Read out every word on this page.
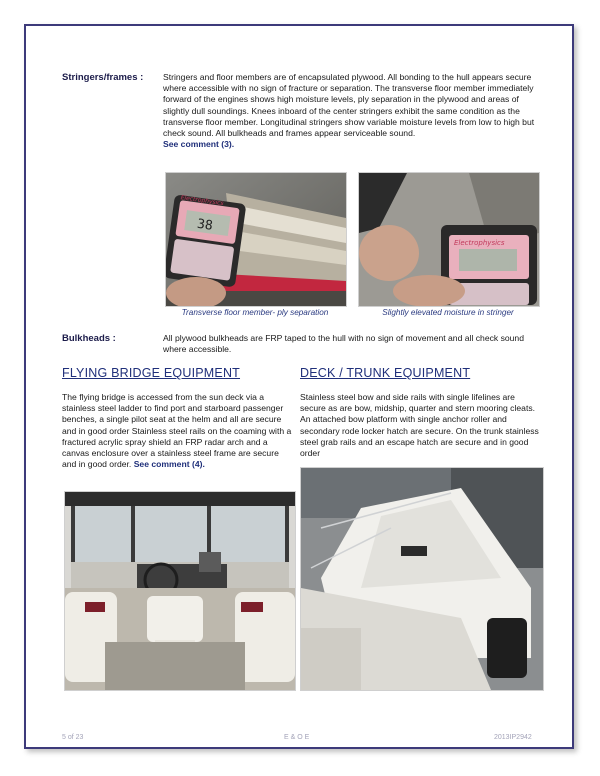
Stringers/frames : Stringers and floor members are of encapsulated plywood. All bonding to the hull appears secure where accessible with no sign of fracture or separation. The transverse floor member immediately forward of the engines shows high moisture levels, ply separation in the plywood and areas of slightly dull soundings. Knees inboard of the center stringers exhibit the same condition as the transverse floor member. Longitudinal stringers show variable moisture levels from low to high but check sound. All bulkheads and frames appear serviceable sound.
See comment (3).
Electrophysics
38
Electrophysics
Transverse floor member- ply separation	Slightly elevated moisture in stringer
Bulkheads :	All plywood bulkheads are FRP taped to the hull with no sign of movement and all check sound where accessible.
FLYING BRIDGE EQUIPMENT
The flying bridge is accessed from the sun deck via a stainless steel ladder to find port and starboard passenger benches, a single pilot seat at the helm and all are secure and in good order Stainless steel rails on the coaming with a fractured acrylic spray shield an FRP radar arch and a canvas enclosure over a stainless steel frame are secure and in good order. See comment (4).
DECK / TRUNK EQUIPMENT
Stainless steel bow and side rails with single lifelines are secure as are bow, midship, quarter and stern mooring cleats. An attached bow platform with single anchor roller and secondary rode locker hatch are secure. On the trunk stainless steel grab rails and an escape hatch are secure and in good order
5 of 23	E & O E	2013IP2942
